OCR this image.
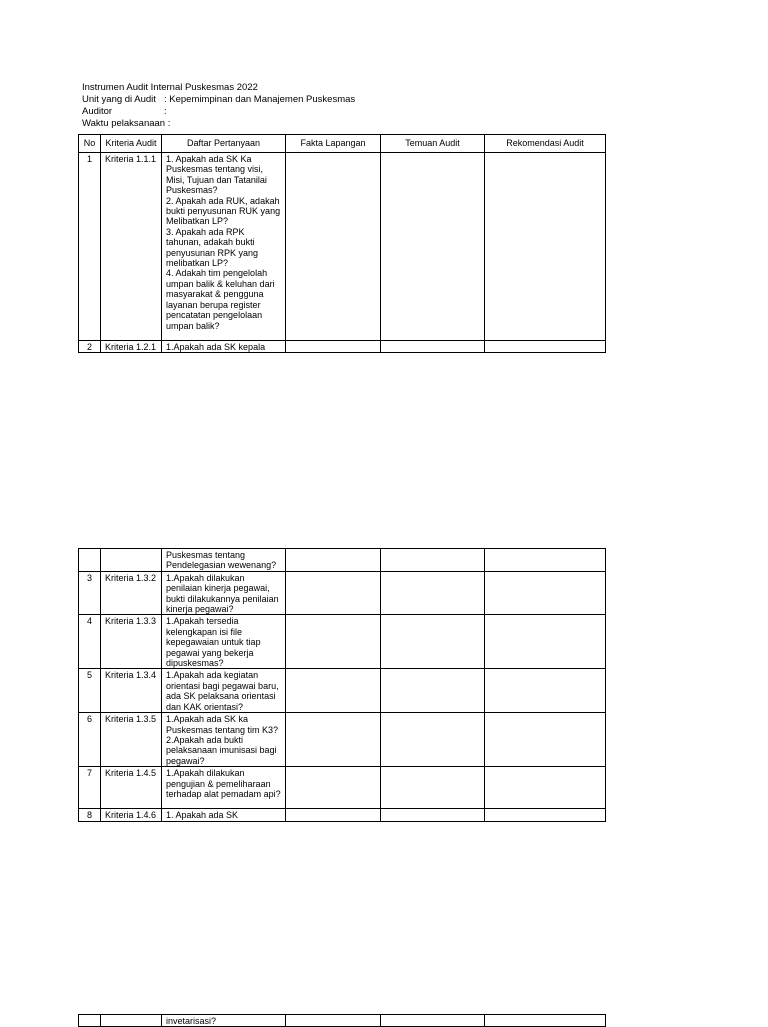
Instrumen Audit Internal Puskesmas 2022
Unit yang di Audit : Kepemimpinan dan Manajemen Puskesmas
Auditor	:
Waktu pelaksanaan :
No	Kriteria Audit	Daftar Pertanyaan	Fakta Lapangan	Temuan Audit	Rekomendasi Audit
1	Kriteria 1.1.1	1. Apakah ada SK Ka Puskesmas tentang visi, Misi, Tujuan dan Tatanilai Puskesmas?
2. Apakah ada RUK, adakah bukti penyusunan RUK yang Melibatkan LP?
3. Apakah ada RPK tahunan, adakah bukti penyusunan RPK yang melibatkan LP?
4. Adakah tim pengelolah umpan balik & keluhan dari masyarakat & pengguna layanan berupa register pencatatan pengelolaan umpan balik?			
2	Kriteria 1.2.1	1.Apakah ada SK kepala			
		Puskesmas tentang Pendelegasian wewenang?			
3	Kriteria 1.3.2	1.Apakah dilakukan penilaian kinerja pegawai, bukti dilakukannya penilaian kinerja pegawai?			
4	Kriteria 1.3.3	1.Apakah tersedia kelengkapan isi file kepegawaian untuk tiap pegawai yang bekerja dipuskesmas?			
5	Kriteria 1.3.4	1.Apakah ada kegiatan orientasi bagi pegawai baru, ada SK pelaksana orientasi dan KAK orientasi?			
6	Kriteria 1.3.5	1.Apakah ada SK ka Puskesmas tentang tim K3?
2.Apakah ada bukti pelaksanaan imunisasi bagi pegawai?			
7	Kriteria 1.4.5	1.Apakah dilakukan pengujian & pemeliharaan terhadap alat pemadam api?			
8	Kriteria 1.4.6	1. Apakah ada SK			
		invetarisasi?			
